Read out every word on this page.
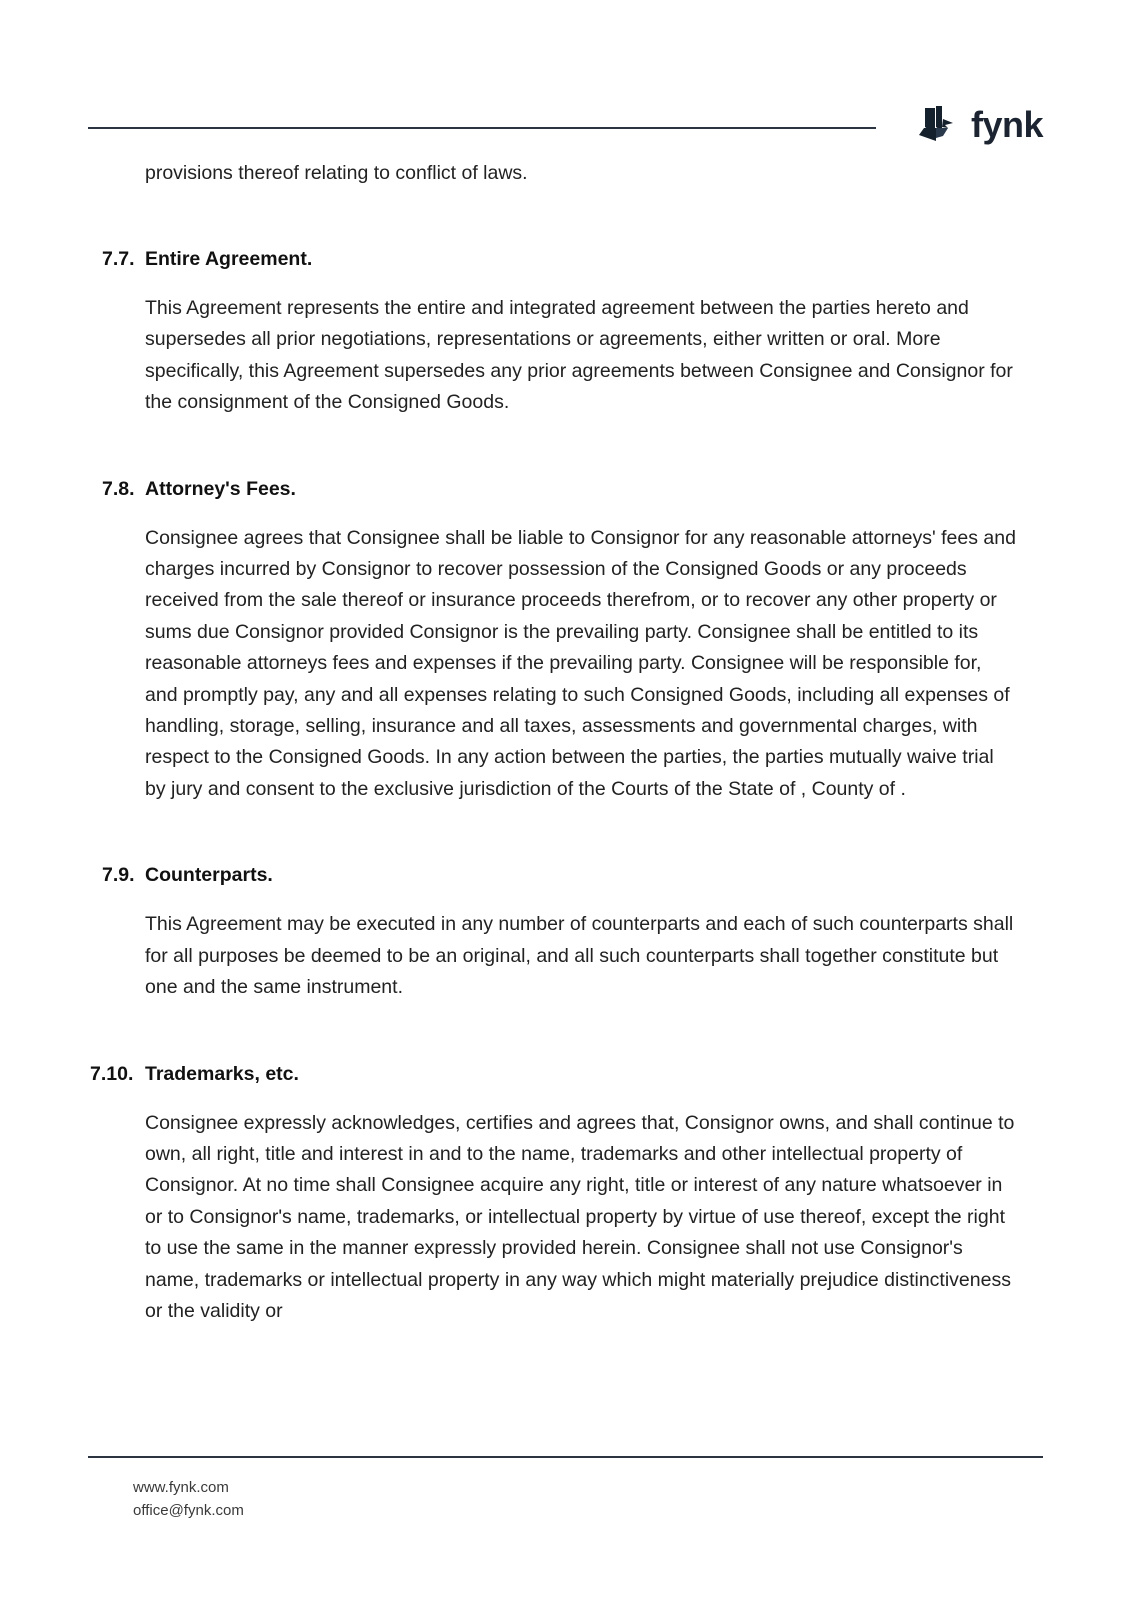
fynk

provisions thereof relating to conflict of laws.

7.7. Entire Agreement.

This Agreement represents the entire and integrated agreement between the parties hereto and supersedes all prior negotiations, representations or agreements, either written or oral. More specifically, this Agreement supersedes any prior agreements between Consignee and Consignor for the consignment of the Consigned Goods.

7.8. Attorney's Fees.

Consignee agrees that Consignee shall be liable to Consignor for any reasonable attorneys' fees and charges incurred by Consignor to recover possession of the Consigned Goods or any proceeds received from the sale thereof or insurance proceeds therefrom, or to recover any other property or sums due Consignor provided Consignor is the prevailing party. Consignee shall be entitled to its reasonable attorneys fees and expenses if the prevailing party. Consignee will be responsible for, and promptly pay, any and all expenses relating to such Consigned Goods, including all expenses of handling, storage, selling, insurance and all taxes, assessments and governmental charges, with respect to the Consigned Goods. In any action between the parties, the parties mutually waive trial by jury and consent to the exclusive jurisdiction of the Courts of the State of , County of .

7.9. Counterparts.

This Agreement may be executed in any number of counterparts and each of such counterparts shall for all purposes be deemed to be an original, and all such counterparts shall together constitute but one and the same instrument.

7.10. Trademarks, etc.

Consignee expressly acknowledges, certifies and agrees that, Consignor owns, and shall continue to own, all right, title and interest in and to the name, trademarks and other intellectual property of Consignor. At no time shall Consignee acquire any right, title or interest of any nature whatsoever in or to Consignor's name, trademarks, or intellectual property by virtue of use thereof, except the right to use the same in the manner expressly provided herein. Consignee shall not use Consignor's name, trademarks or intellectual property in any way which might materially prejudice distinctiveness or the validity or

www.fynk.com
office@fynk.com
